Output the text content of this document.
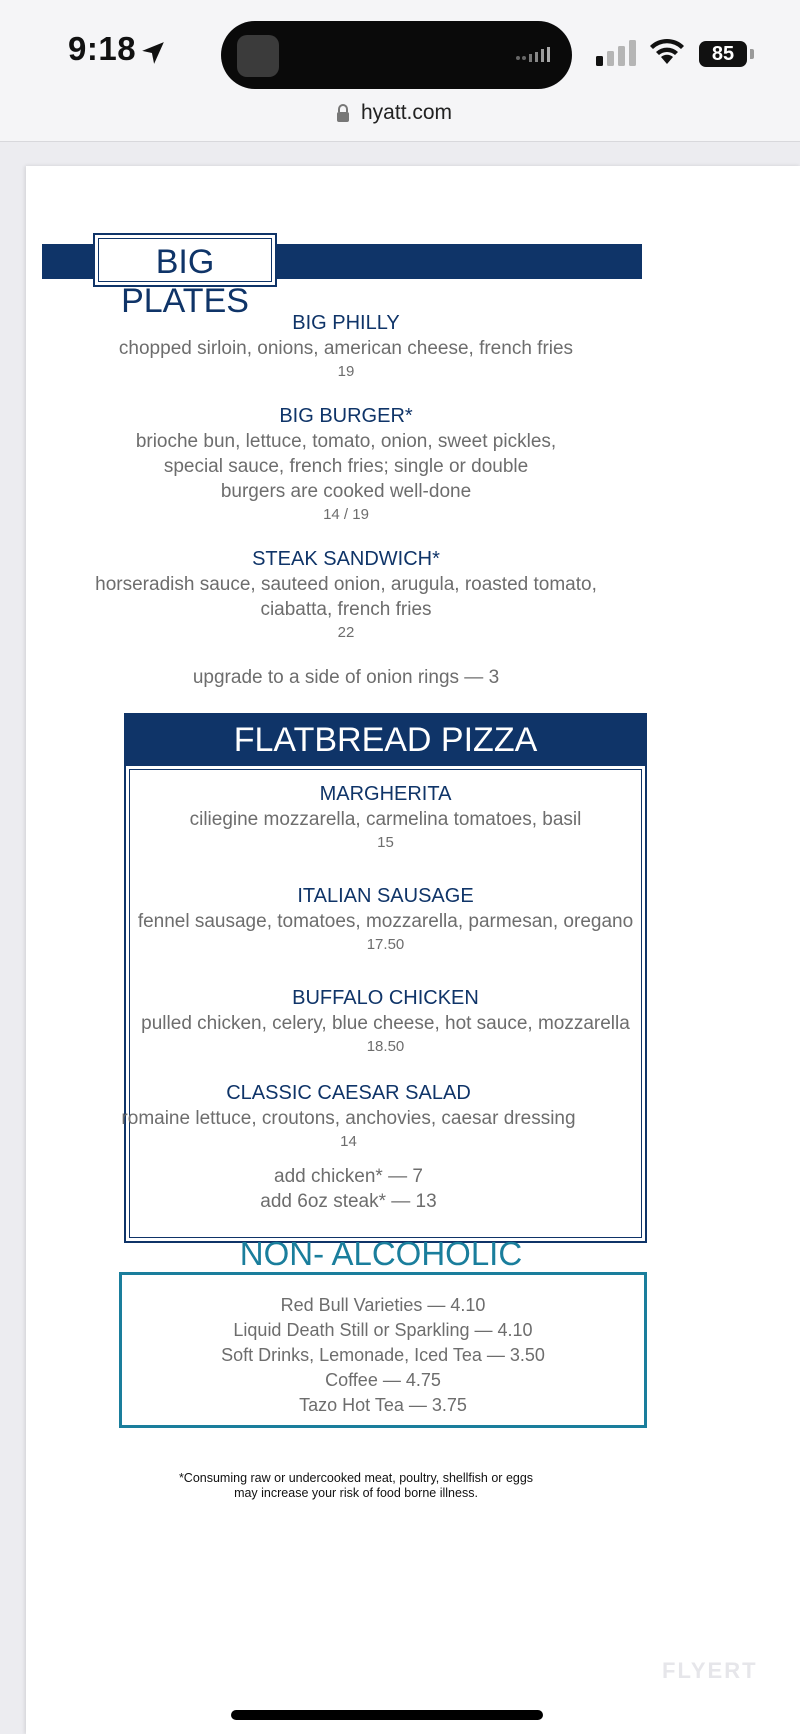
9:18	85
hyatt.com
BIG PLATES
BIG PHILLY
chopped sirloin, onions, american cheese, french fries
19
BIG BURGER*
brioche bun, lettuce, tomato, onion, sweet pickles,
special sauce, french fries; single or double
burgers are cooked well-done
14 / 19
STEAK SANDWICH*
horseradish sauce, sauteed onion, arugula, roasted tomato,
ciabatta, french fries
22
upgrade to a side of onion rings — 3
FLATBREAD PIZZA
MARGHERITA
ciliegine mozzarella, carmelina tomatoes, basil
15
ITALIAN SAUSAGE
fennel sausage, tomatoes, mozzarella, parmesan, oregano
17.50
BUFFALO CHICKEN
pulled chicken, celery, blue cheese, hot sauce, mozzarella
18.50
CLASSIC CAESAR SALAD
romaine lettuce, croutons, anchovies, caesar dressing
14
add chicken* — 7
add 6oz steak* — 13
NON- ALCOHOLIC
Red Bull Varieties — 4.10
Liquid Death Still or Sparkling — 4.10
Soft Drinks, Lemonade, Iced Tea — 3.50
Coffee — 4.75
Tazo Hot Tea — 3.75
*Consuming raw or undercooked meat, poultry, shellfish or eggs
may increase your risk of food borne illness.
FLYERT
